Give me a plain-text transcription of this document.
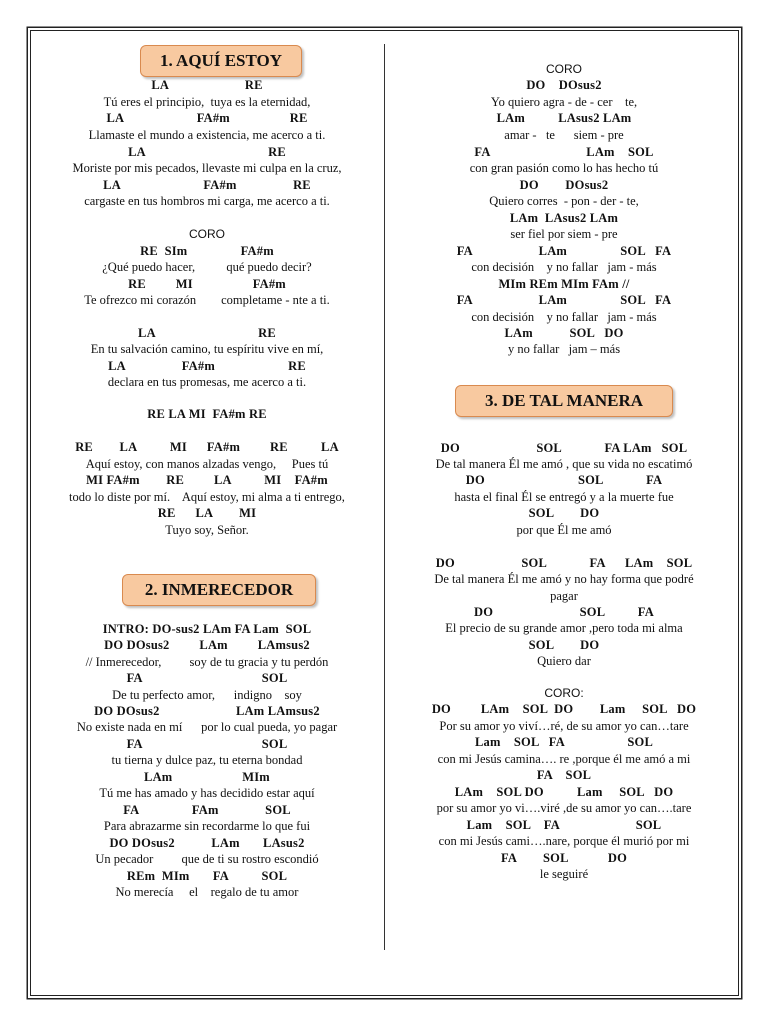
1. AQUÍ ESTOY
2. INMERECEDOR
3. DE TAL MANERA
LA                       RE
Tú eres el principio,  tuya es la eternidad,
LA                      FA#m                  RE
Llamaste el mundo a existencia, me acerco a ti.
LA                                     RE
Moriste por mis pecados, llevaste mi culpa en la cruz,
LA                         FA#m                 RE
cargaste en tus hombros mi carga, me acerco a ti.
CORO
RE  SIm                FA#m
¿Qué puedo hacer,          qué puedo decir?
RE         MI                  FA#m
Te ofrezco mi corazón        completame - nte a ti.
LA                               RE
En tu salvación camino, tu espíritu vive en mí,
LA                 FA#m                      RE
declara en tus promesas, me acerco a ti.
RE LA MI  FA#m RE
RE        LA          MI      FA#m         RE          LA
Aquí estoy, con manos alzadas vengo,     Pues tú
MI FA#m        RE         LA          MI    FA#m
todo lo diste por mí.    Aquí estoy, mi alma a ti entrego,
RE      LA        MI
Tuyo soy, Señor.
INTRO: DO-sus2 LAm FA Lam  SOL
DO DOsus2         LAm         LAmsus2
// Inmerecedor,         soy de tu gracia y tu perdón
FA                                    SOL
De tu perfecto amor,      indigno    soy
DO DOsus2                       LAm LAmsus2
No existe nada en mí      por lo cual pueda, yo pagar
FA                                    SOL
tu tierna y dulce paz, tu eterna bondad
LAm                     MIm
Tú me has amado y has decidido estar aquí
FA                FAm              SOL
Para abrazarme sin recordarme lo que fui
DO DOsus2           LAm       LAsus2
Un pecador         que de ti su rostro escondió
REm  MIm       FA          SOL
No merecía     el    regalo de tu amor
CORO
DO    DOsus2
Yo quiero agra - de - cer    te,
LAm          LAsus2 LAm
amar -   te      siem - pre
FA                             LAm    SOL
con gran pasión como lo has hecho tú
DO        DOsus2
Quiero corres  - pon - der - te,
LAm  LAsus2 LAm
ser fiel por siem - pre
FA                    LAm                SOL   FA
con decisión    y no fallar   jam - más
MIm REm MIm FAm //
FA                    LAm                SOL   FA
con decisión    y no fallar   jam - más
LAm           SOL   DO
y no fallar   jam – más
DO                       SOL             FA LAm   SOL
De tal manera Él me amó , que su vida no escatimó
DO                            SOL             FA
hasta el final Él se entregó y a la muerte fue
SOL        DO
por que Él me amó
DO                    SOL             FA      LAm    SOL
De tal manera Él me amó y no hay forma que podré
pagar
DO                          SOL          FA
El precio de su grande amor ,pero toda mi alma
SOL        DO
Quiero dar
CORO:
DO         LAm    SOL  DO        Lam     SOL   DO
Por su amor yo viví…ré, de su amor yo can…tare
Lam    SOL   FA                   SOL
con mi Jesús camina…. re ,porque él me amó a mi
FA    SOL
LAm    SOL DO          Lam     SOL   DO
por su amor yo vi….viré ,de su amor yo can….tare
Lam    SOL    FA                       SOL
con mi Jesús cami….nare, porque él murió por mi
FA        SOL            DO
le seguiré
